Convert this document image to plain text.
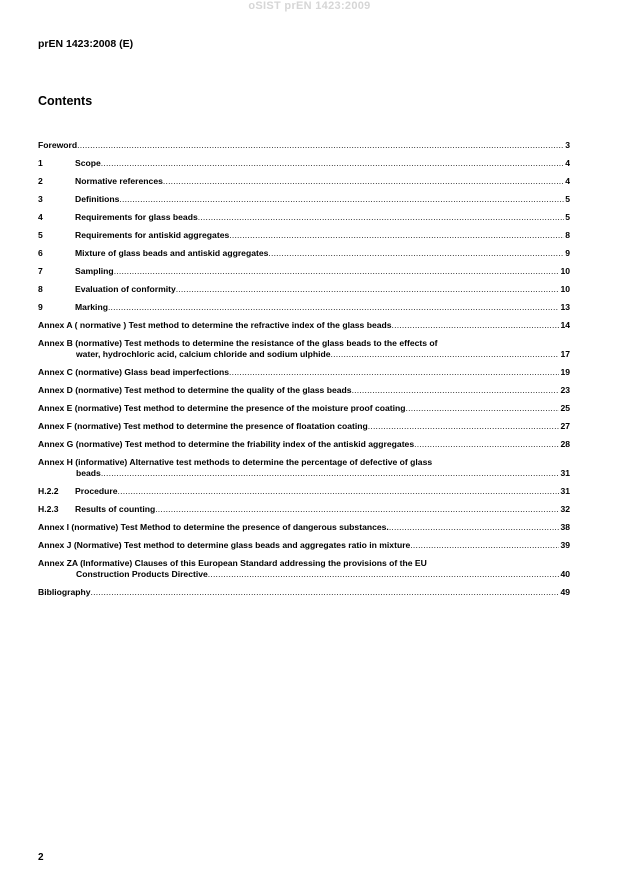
oSIST prEN 1423:2009
prEN 1423:2008 (E)
Contents
Foreword .....	3
1	Scope .....	4
2	Normative references .....	4
3	Definitions .....	5
4	Requirements for glass beads .....	5
5	Requirements for antiskid aggregates .....	8
6	Mixture of glass beads and antiskid aggregates .....	9
7	Sampling .....	10
8	Evaluation of conformity .....	10
9	Marking .....	13
Annex A ( normative ) Test method to determine the refractive index of the glass beads .....	14
Annex B (normative) Test methods to determine the resistance of the glass beads to the effects of
water, hydrochloric acid, calcium chloride and sodium ulphide .....	17
Annex C (normative) Glass bead imperfections .....	19
Annex D (normative) Test method to determine the quality of the glass beads .....	23
Annex E (normative) Test method to determine the presence of the moisture proof coating .....	25
Annex F (normative) Test method to determine the presence of floatation coating .....	27
Annex G (normative) Test method to determine the friability index of the antiskid aggregates .....	28
Annex H (informative) Alternative test methods to determine the percentage of defective of glass
beads .....	31
H.2.2	Procedure .....	31
H.2.3	Results of counting .....	32
Annex I (normative) Test Method to determine the presence of dangerous substances. .....	38
Annex J (Normative) Test method to determine glass beads and aggregates ratio in mixture .....	39
Annex ZA (Informative) Clauses of this European Standard addressing the provisions of the EU
Construction Products Directive .....	40
Bibliography .....	49
2
